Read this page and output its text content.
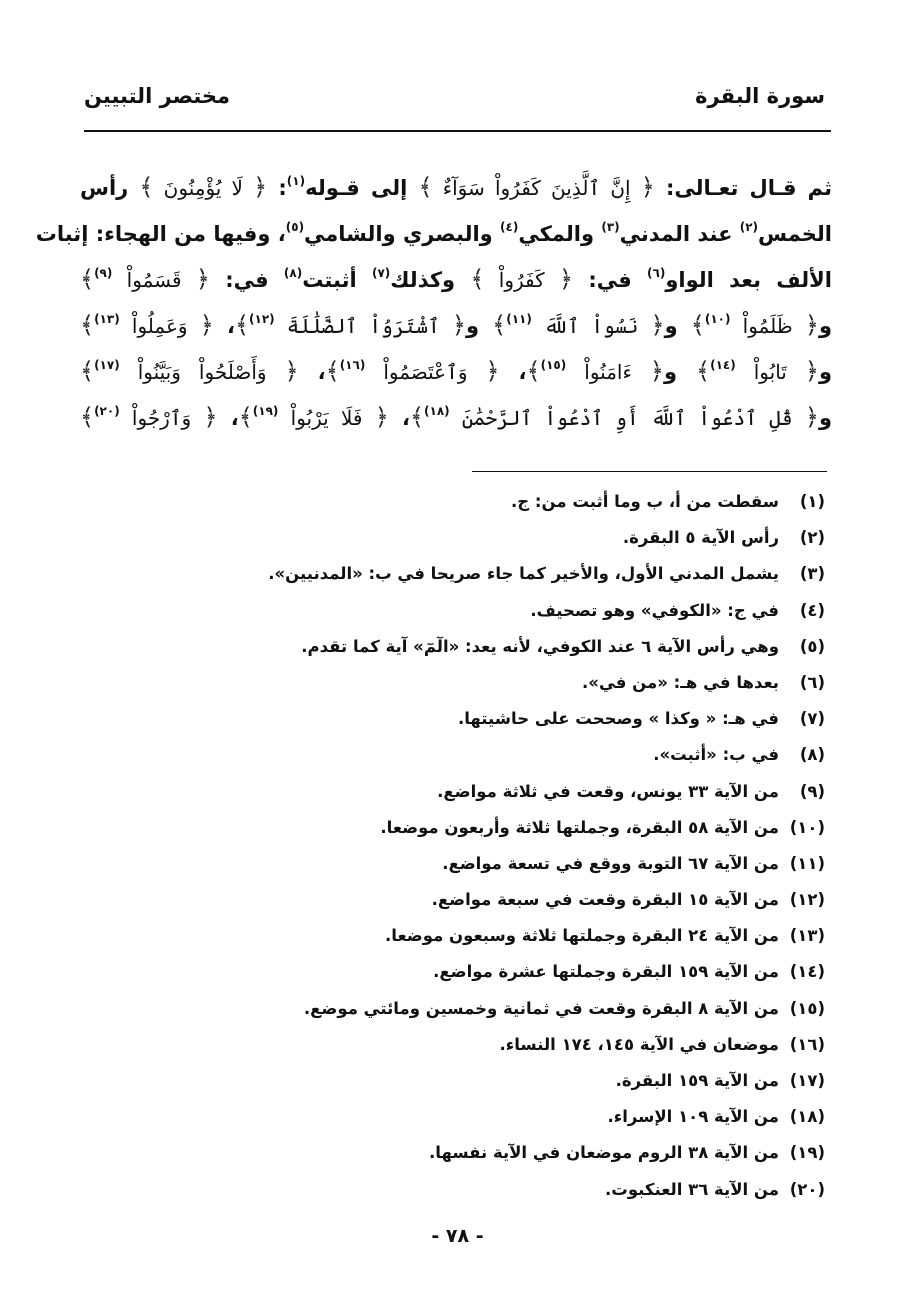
سورة البقرة
مختصر التبيين
ثم قـال تعـالى: ﴿ إِنَّ ٱلَّذِينَ كَفَرُواْ سَوَآءٌ ﴾ إلى قـوله$^{(١)}$: ﴿ لَا يُؤْمِنُونَ ﴾ رأس
الخمس$^{(٢)}$ عند المدني$^{(٣)}$ والمكي$^{(٤)}$ والبصري والشامي$^{(٥)}$، وفيها من الهجاء: إثبات
الألف بعد الواو$^{(٦)}$ في: ﴿ كَفَرُواْ ﴾ وكذلك$^{(٧)}$ أثبتت$^{(٨)}$ في: ﴿ قَسَمُواْ $^{(٩)}$﴾
و﴿ ظَلَمُواْ $^{(١٠)}$﴾ و﴿ نَسُواْ ٱللَّهَ $^{(١١)}$﴾ و﴿ ٱشْتَرَوُاْ ٱلضَّلَٰلَةَ $^{(١٢)}$﴾، ﴿ وَعَمِلُواْ $^{(١٣)}$﴾
و﴿ تَابُواْ $^{(١٤)}$﴾ و﴿ ءَامَنُواْ $^{(١٥)}$﴾، ﴿ وَٱعْتَصَمُواْ $^{(١٦)}$﴾، ﴿ وَأَصْلَحُواْ وَبَيَّنُواْ $^{(١٧)}$﴾
و﴿ قُلِ ٱدْعُواْ ٱللَّهَ أَوِ ٱدْعُواْ ٱلرَّحْمَٰنَ $^{(١٨)}$﴾، ﴿ فَلَا يَرْبُواْ $^{(١٩)}$﴾، ﴿ وَٱرْجُواْ $^{(٢٠)}$﴾
(١)سقطت من أ، ب وما أثبت من: ج.
(٢)رأس الآية ٥ البقرة.
(٣)يشمل المدني الأول، والأخير كما جاء صريحا في ب: «المدنيين».
(٤)في ج: «الكوفي» وهو تصحيف.
(٥)وهي رأس الآية ٦ عند الكوفي، لأنه يعد: «الٓمٓ» آية كما تقدم.
(٦)بعدها في هـ: «من في».
(٧)في هـ: « وكذا » وصححت على حاشيتها.
(٨)في ب: «أثبت».
(٩)من الآية ٣٣ يونس، وقعت في ثلاثة مواضع.
(١٠)من الآية ٥٨ البقرة، وجملتها ثلاثة وأربعون موضعا.
(١١)من الآية ٦٧ التوبة ووقع في تسعة مواضع.
(١٢)من الآية ١٥ البقرة وقعت في سبعة مواضع.
(١٣)من الآية ٢٤ البقرة وجملتها ثلاثة وسبعون موضعا.
(١٤)من الآية ١٥٩ البقرة وجملتها عشرة مواضع.
(١٥)من الآية ٨ البقرة وقعت في ثمانية وخمسين ومائتي موضع.
(١٦)موضعان في الآية ١٤٥، ١٧٤ النساء.
(١٧)من الآية ١٥٩ البقرة.
(١٨)من الآية ١٠٩ الإسراء.
(١٩)من الآية ٣٨ الروم موضعان في الآية نفسها.
(٢٠)من الآية ٣٦ العنكبوت.
- ٧٨ -
